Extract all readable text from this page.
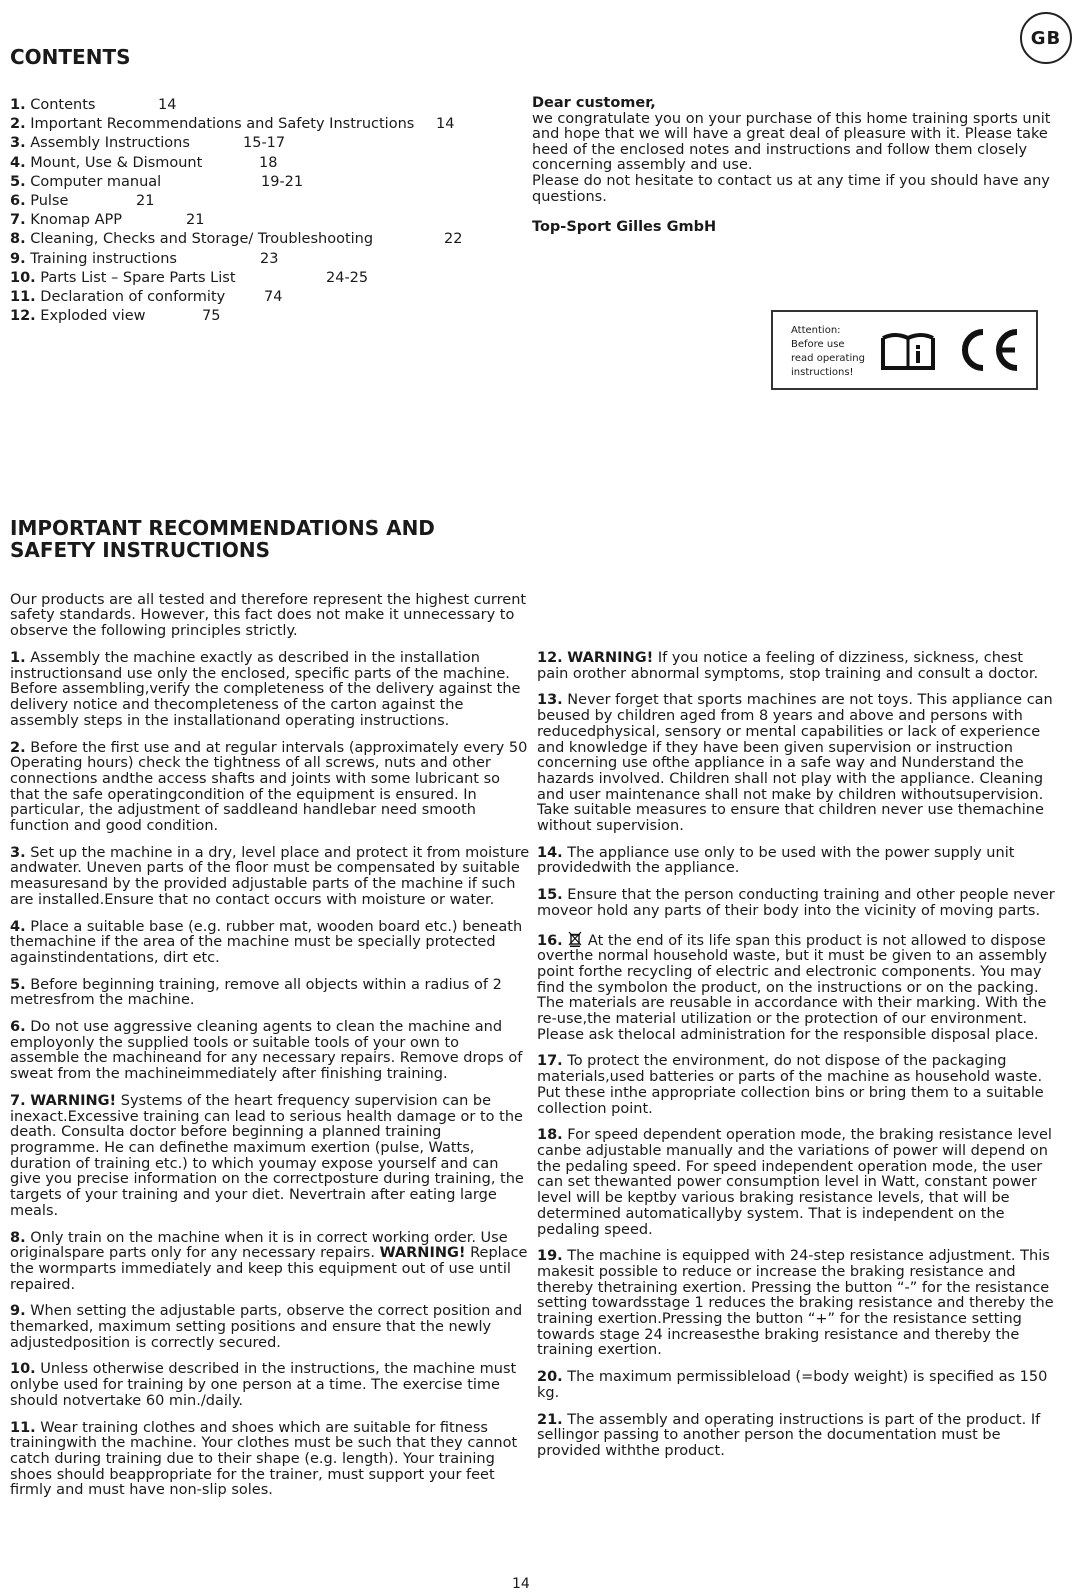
GB
CONTENTS
1. Contents	14
2. Important Recommendations and Safety Instructions 14
3. Assembly Instructions	15-17
4. Mount, Use & Dismount	18
5. Computer manual	19-21
6. Pulse	21
7. Knomap APP	21
8. Cleaning, Checks and Storage/ Troubleshooting	22
9. Training instructions	23
10. Parts List – Spare Parts List	24-25
11. Declaration of conformity	74
12. Exploded view	75
Dear customer,
we congratulate you on your purchase of this home training sports unit and hope that we will have a great deal of pleasure with it. Please take heed of the enclosed notes and instructions and follow them closely concerning assembly and use.
Please do not hesitate to contact us at any time if you should have any questions.
Top-Sport Gilles GmbH
Attention:
Before use
read operating
instructions!
IMPORTANT RECOMMENDATIONS AND
SAFETY INSTRUCTIONS

Our products are all tested and therefore represent the highest current safety standards. However, this fact does not make it unnecessary to observe the following principles strictly.

1. Assembly the machine exactly as described in the installation instructionsand use only the enclosed, specific parts of the machine. Before assembling,verify the completeness of the delivery against the delivery notice and thecompleteness of the carton against the assembly steps in the installationand operating instructions.

2. Before the first use and at regular intervals (approximately every 50 Operating hours) check the tightness of all screws, nuts and other connections andthe access shafts and joints with some lubricant so that the safe operatingcondition of the equipment is ensured. In particular, the adjustment of saddleand handlebar need smooth function and good condition.

3. Set up the machine in a dry, level place and protect it from moisture andwater. Uneven parts of the floor must be compensated by suitable measuresand by the provided adjustable parts of the machine if such are installed.Ensure that no contact occurs with moisture or water.

4. Place a suitable base (e.g. rubber mat, wooden board etc.) beneath themachine if the area of the machine must be specially protected againstindentations, dirt etc.

5. Before beginning training, remove all objects within a radius of 2 metresfrom the machine.

6. Do not use aggressive cleaning agents to clean the machine and employonly the supplied tools or suitable tools of your own to assemble the machineand for any necessary repairs. Remove drops of sweat from the machineimmediately after finishing training.

7. WARNING! Systems of the heart frequency supervision can be inexact.Excessive training can lead to serious health damage or to the death. Consulta doctor before beginning a planned training programme. He can definethe maximum exertion (pulse, Watts, duration of training etc.) to which youmay expose yourself and can give you precise information on the correctposture during training, the targets of your training and your diet. Nevertrain after eating large meals.

8. Only train on the machine when it is in correct working order. Use originalspare parts only for any necessary repairs. WARNING! Replace the wormparts immediately and keep this equipment out of use until repaired.

9. When setting the adjustable parts, observe the correct position and themarked, maximum setting positions and ensure that the newly adjustedposition is correctly secured.

10. Unless otherwise described in the instructions, the machine must onlybe used for training by one person at a time. The exercise time should notvertake 60 min./daily.

11. Wear training clothes and shoes which are suitable for fitness trainingwith the machine. Your clothes must be such that they cannot catch during training due to their shape (e.g. length). Your training shoes should beappropriate for the trainer, must support your feet firmly and must have non-slip soles.

12. WARNING! If you notice a feeling of dizziness, sickness, chest pain orother abnormal symptoms, stop training and consult a doctor.

13. Never forget that sports machines are not toys. This appliance can beused by children aged from 8 years and above and persons with reducedphysical, sensory or mental capabilities or lack of experience and knowledge if they have been given supervision or instruction concerning use ofthe appliance in a safe way and Nunderstand the hazards involved. Children shall not play with the appliance. Cleaning and user maintenance shall not make by children withoutsupervision. Take suitable measures to ensure that children never use themachine without supervision.

14. The appliance use only to be used with the power supply unit providedwith the appliance.

15. Ensure that the person conducting training and other people never moveor hold any parts of their body into the vicinity of moving parts.

16. At the end of its life span this product is not allowed to dispose overthe normal household waste, but it must be given to an assembly point forthe recycling of electric and electronic components. You may find the symbolon the product, on the instructions or on the packing. The materials are reusable in accordance with their marking. With the re-use,the material utilization or the protection of our environment. Please ask thelocal administration for the responsible disposal place.

17. To protect the environment, do not dispose of the packaging materials,used batteries or parts of the machine as household waste. Put these inthe appropriate collection bins or bring them to a suitable collection point.

18. For speed dependent operation mode, the braking resistance level canbe adjustable manually and the variations of power will depend on the pedaling speed. For speed independent operation mode, the user can set thewanted power consumption level in Watt, constant power level will be keptby various braking resistance levels, that will be determined automaticallyby system. That is independent on the pedaling speed.

19. The machine is equipped with 24-step resistance adjustment. This makesit possible to reduce or increase the braking resistance and thereby thetraining exertion. Pressing the button “-” for the resistance setting towardsstage 1 reduces the braking resistance and thereby the training exertion.Pressing the button “+” for the resistance setting towards stage 24 increasesthe braking resistance and thereby the training exertion.

20. The maximum permissibleload (=body weight) is specified as 150 kg.

21. The assembly and operating instructions is part of the product. If sellingor passing to another person the documentation must be provided withthe product.

14
